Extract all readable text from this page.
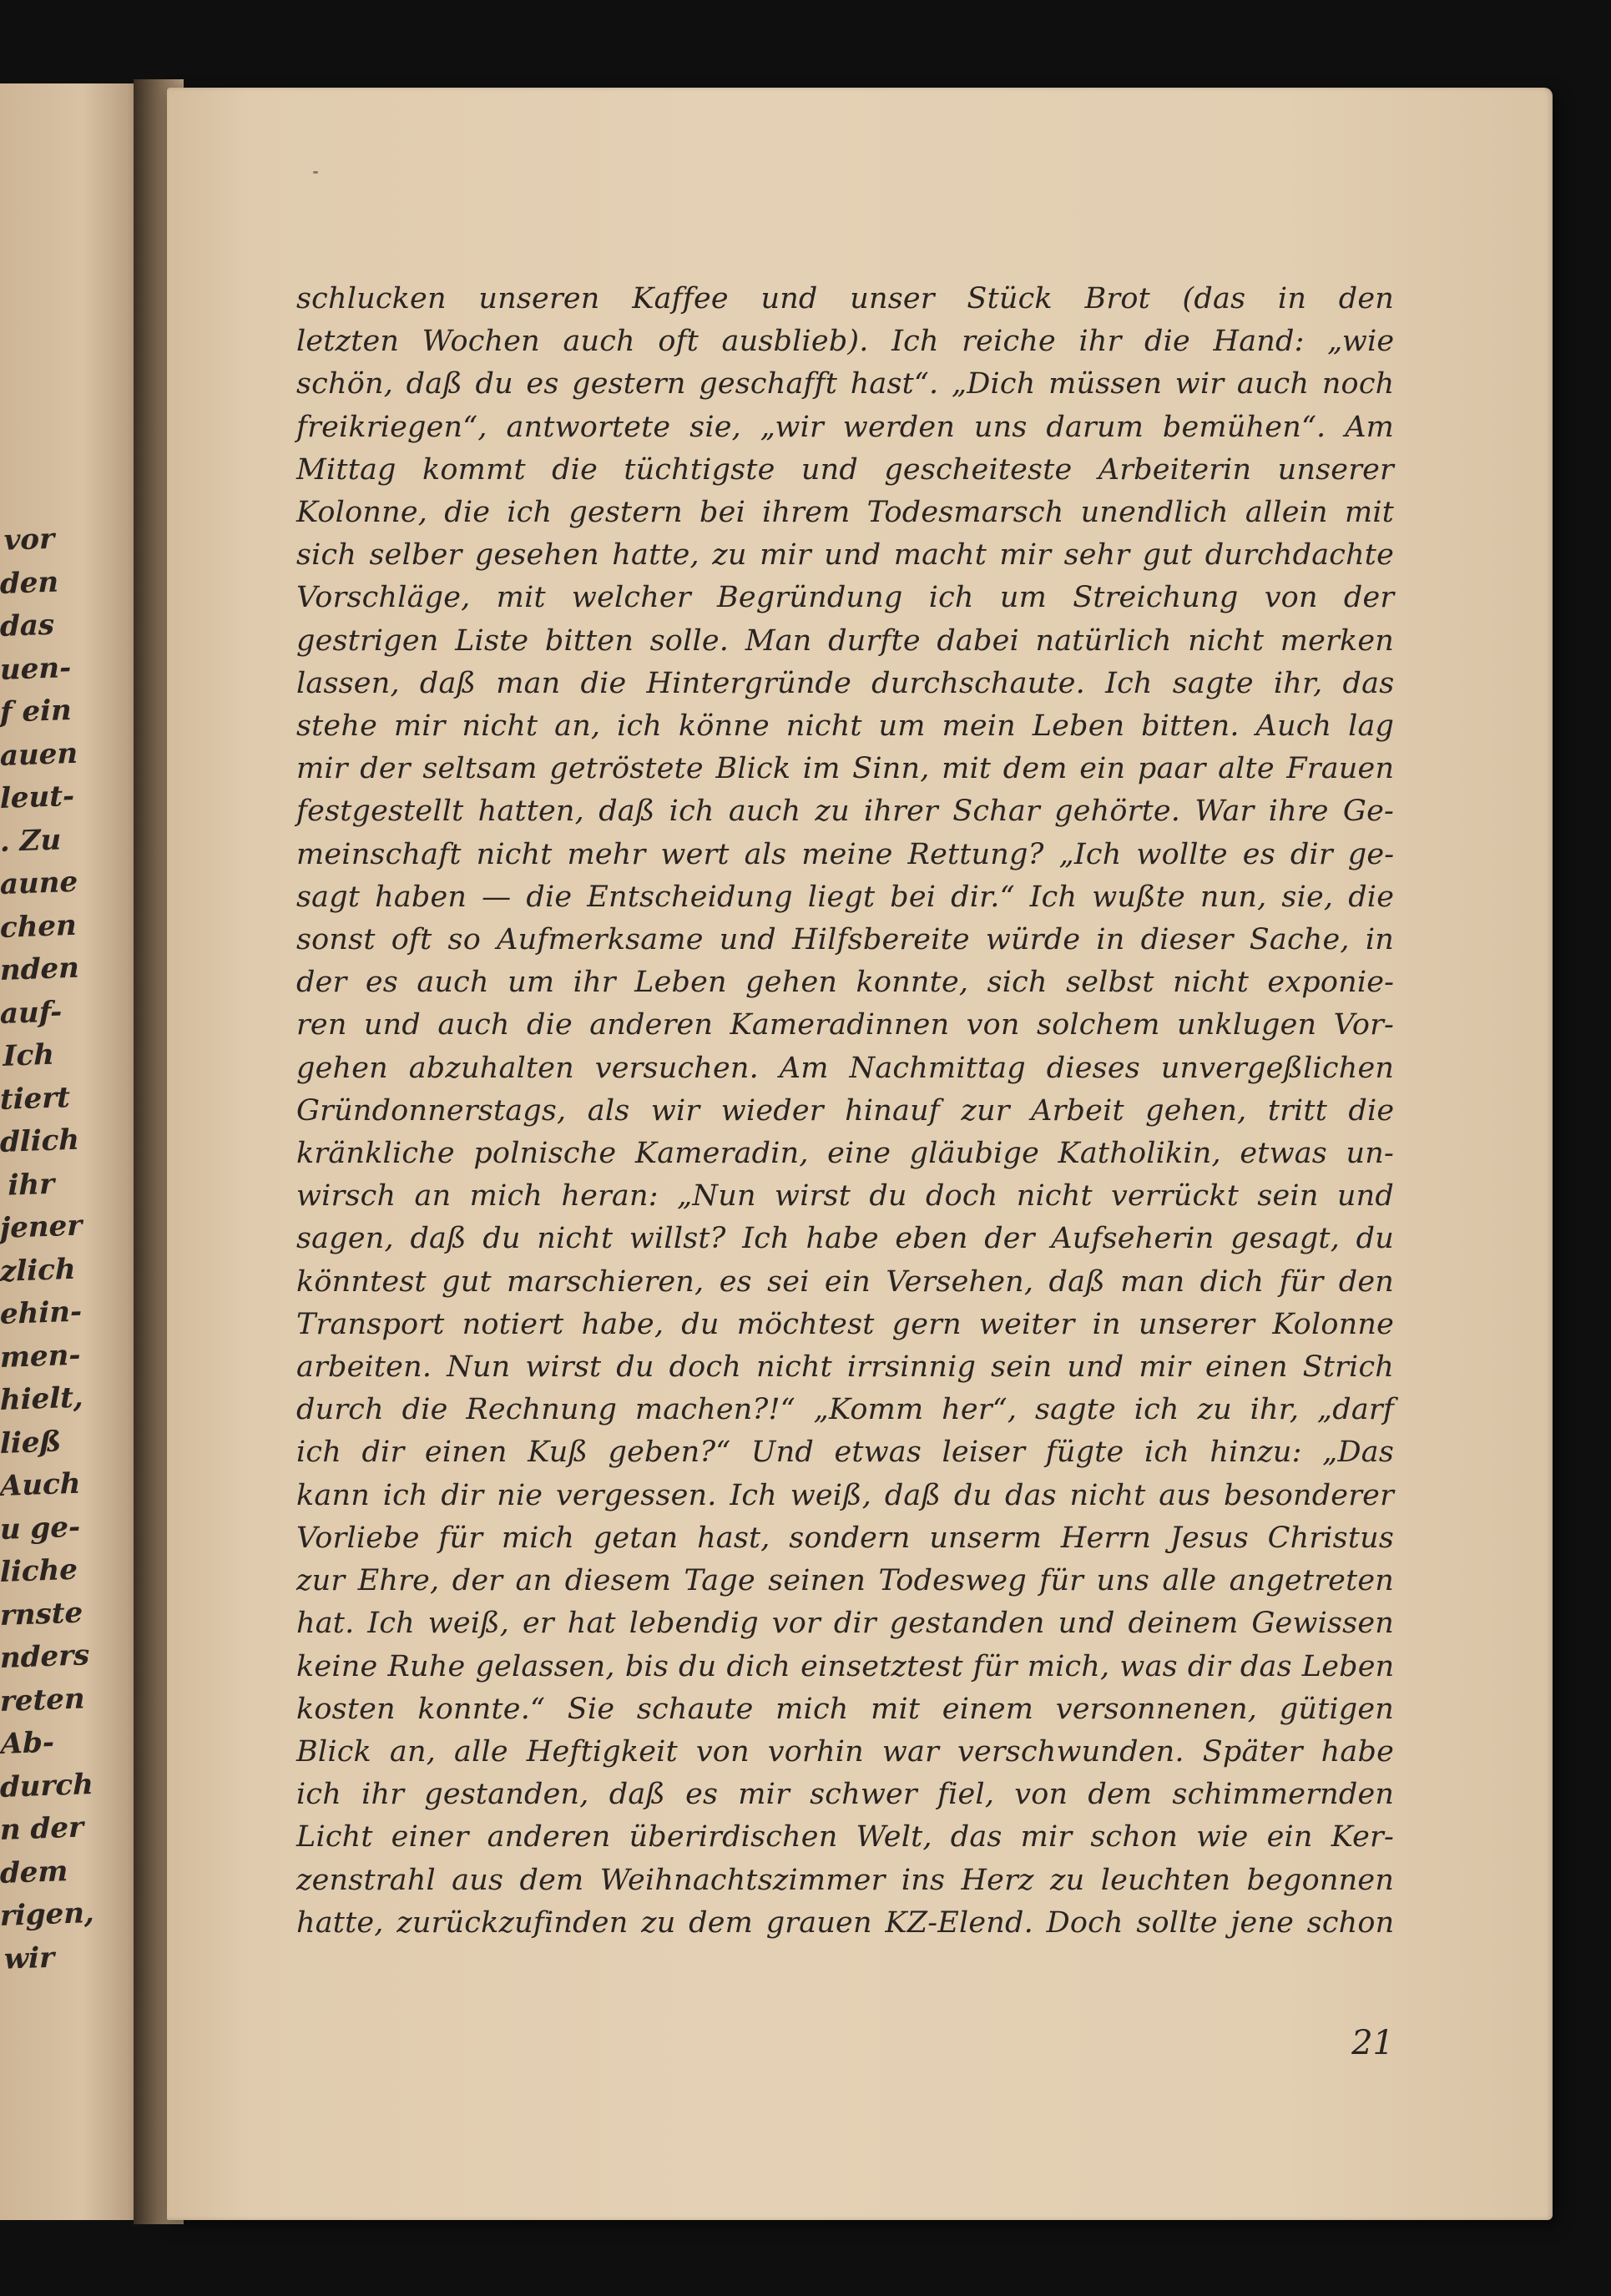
vor
den
das
uen-
f ein
auen
leut-
. Zu
aune
chen
nden
auf-
Ich
tiert
dlich
ihr
jener
zlich
ehin-
men-
hielt,
ließ
Auch
u ge-
liche
rnste
nders
reten
Ab-
durch
n der
dem
rigen,
wir
schlucken unseren Kaffee und unser Stück Brot (das in den
letzten Wochen auch oft ausblieb). Ich reiche ihr die Hand: „wie
schön, daß du es gestern geschafft hast“. „Dich müssen wir auch noch
freikriegen“, antwortete sie, „wir werden uns darum bemühen“. Am
Mittag kommt die tüchtigste und gescheiteste Arbeiterin unserer
Kolonne, die ich gestern bei ihrem Todesmarsch unendlich allein mit
sich selber gesehen hatte, zu mir und macht mir sehr gut durchdachte
Vorschläge, mit welcher Begründung ich um Streichung von der
gestrigen Liste bitten solle. Man durfte dabei natürlich nicht merken
lassen, daß man die Hintergründe durchschaute. Ich sagte ihr, das
stehe mir nicht an, ich könne nicht um mein Leben bitten. Auch lag
mir der seltsam getröstete Blick im Sinn, mit dem ein paar alte Frauen
festgestellt hatten, daß ich auch zu ihrer Schar gehörte. War ihre Ge-
meinschaft nicht mehr wert als meine Rettung? „Ich wollte es dir ge-
sagt haben — die Entscheidung liegt bei dir.“ Ich wußte nun, sie, die
sonst oft so Aufmerksame und Hilfsbereite würde in dieser Sache, in
der es auch um ihr Leben gehen konnte, sich selbst nicht exponie-
ren und auch die anderen Kameradinnen von solchem unklugen Vor-
gehen abzuhalten versuchen. Am Nachmittag dieses unvergeßlichen
Gründonnerstags, als wir wieder hinauf zur Arbeit gehen, tritt die
kränkliche polnische Kameradin, eine gläubige Katholikin, etwas un-
wirsch an mich heran: „Nun wirst du doch nicht verrückt sein und
sagen, daß du nicht willst? Ich habe eben der Aufseherin gesagt, du
könntest gut marschieren, es sei ein Versehen, daß man dich für den
Transport notiert habe, du möchtest gern weiter in unserer Kolonne
arbeiten. Nun wirst du doch nicht irrsinnig sein und mir einen Strich
durch die Rechnung machen?!“ „Komm her“, sagte ich zu ihr, „darf
ich dir einen Kuß geben?“ Und etwas leiser fügte ich hinzu: „Das
kann ich dir nie vergessen. Ich weiß, daß du das nicht aus besonderer
Vorliebe für mich getan hast, sondern unserm Herrn Jesus Christus
zur Ehre, der an diesem Tage seinen Todesweg für uns alle angetreten
hat. Ich weiß, er hat lebendig vor dir gestanden und deinem Gewissen
keine Ruhe gelassen, bis du dich einsetztest für mich, was dir das Leben
kosten konnte.“ Sie schaute mich mit einem versonnenen, gütigen
Blick an, alle Heftigkeit von vorhin war verschwunden. Später habe
ich ihr gestanden, daß es mir schwer fiel, von dem schimmernden
Licht einer anderen überirdischen Welt, das mir schon wie ein Ker-
zenstrahl aus dem Weihnachtszimmer ins Herz zu leuchten begonnen
hatte, zurückzufinden zu dem grauen KZ-Elend. Doch sollte jene schon
21
